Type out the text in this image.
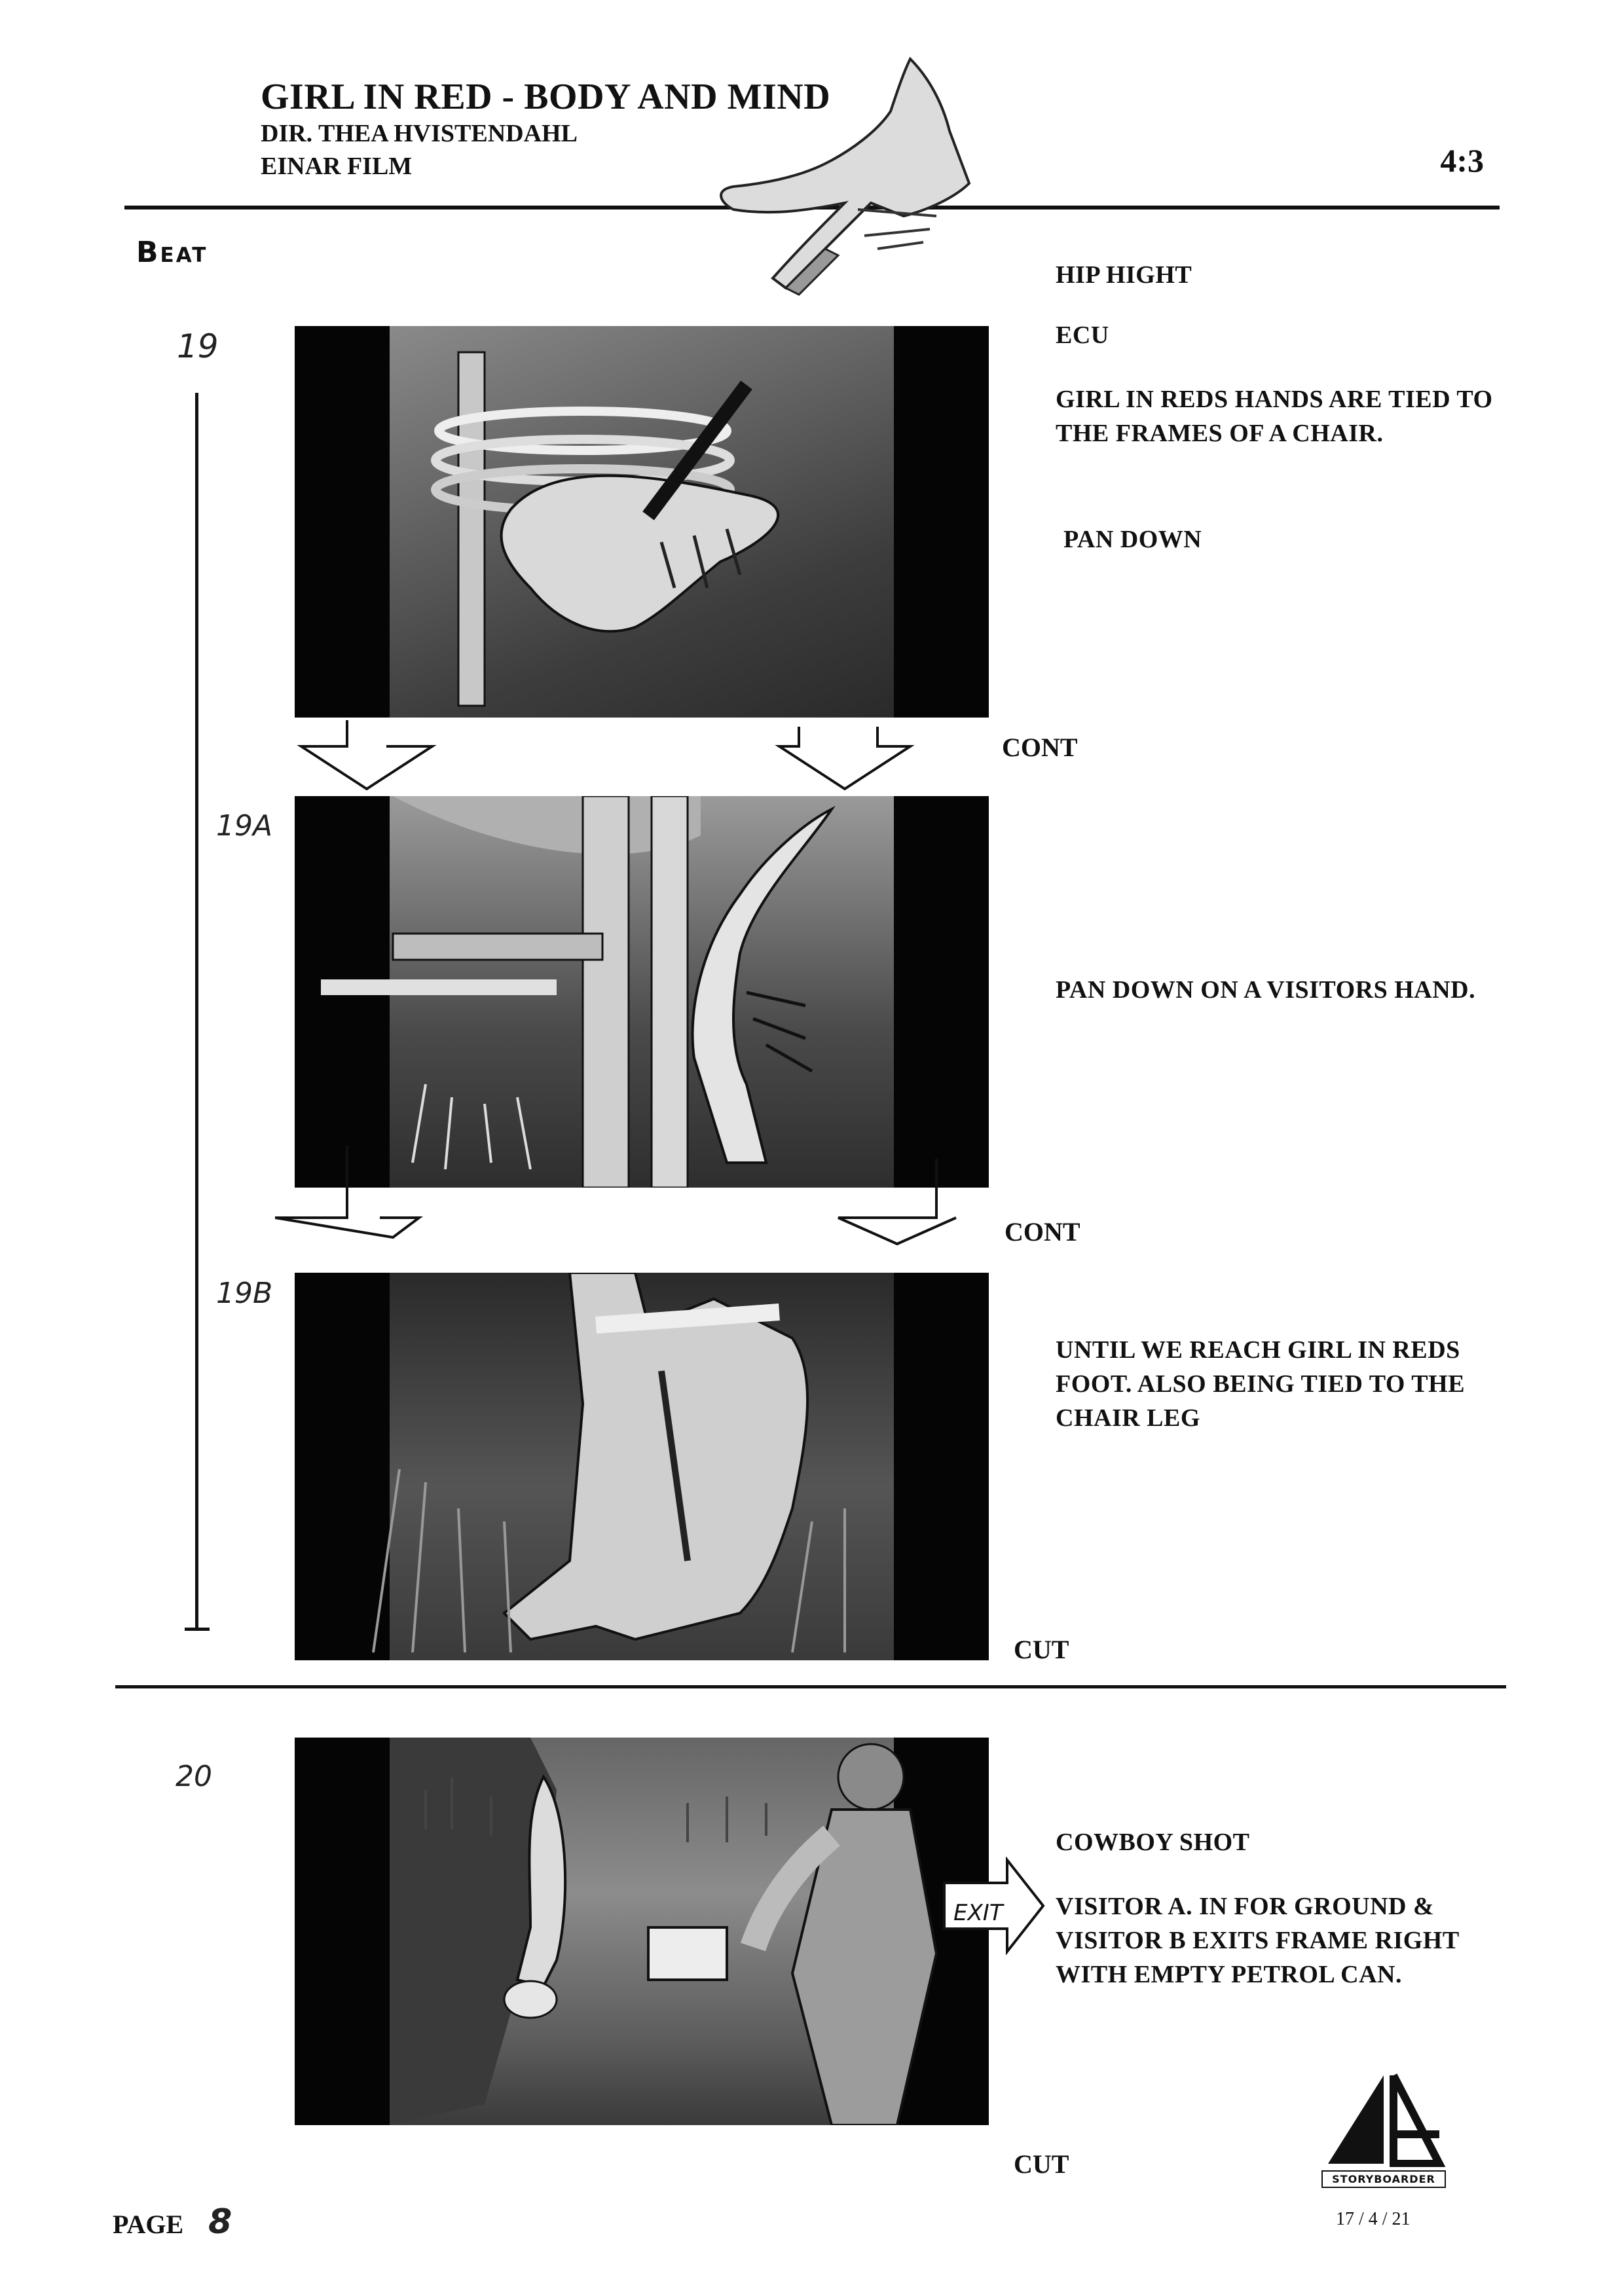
GIRL IN RED - BODY AND MIND
DIR. THEA HVISTENDAHL
EINAR FILM	4:3
Beat
19
19A
19B
20
CONT
HIP HIGHT
ECU
GIRL IN REDS HANDS ARE TIED TO THE FRAMES OF A CHAIR.
PAN DOWN
CONT
PAN DOWN ON A VISITORS HAND.
CUT
UNTIL WE REACH GIRL IN REDS FOOT. ALSO BEING TIED TO THE CHAIR LEG
EXIT
CUT
COWBOY SHOT
VISITOR A. IN FOR GROUND & VISITOR B EXITS FRAME RIGHT WITH EMPTY PETROL CAN.
PAGE 8
STORYBOARDER
17 / 4 / 21
